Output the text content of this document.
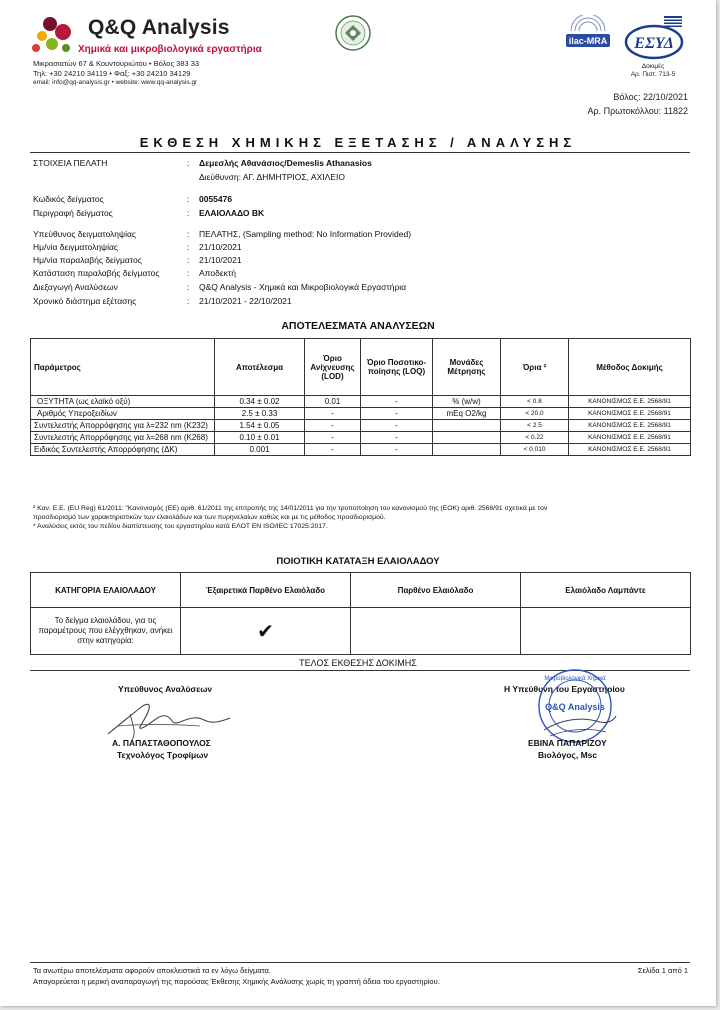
Q&Q Analysis
Χημικά και μικροβιολογικά εργαστήρια
Μικρασιατών 67 & Κουντουριώτου • Βόλος 383 33
Τηλ: +30 24210 34119 • Φαξ: +30 24210 34129
email: info@qq-analysis.gr • website: www.qq-analysis.gr
ilac-MRA ΕΣΥΔ
Δοκιμές
Αρ. Πιστ. 713-5
Βόλος: 22/10/2021
Αρ. Πρωτοκόλλου: 11822
ΕΚΘΕΣΗ ΧΗΜΙΚΗΣ ΕΞΕΤΑΣΗΣ / ΑΝΑΛΥΣΗΣ
ΣΤΟΙΧΕΙΑ ΠΕΛΑΤΗ	: Δεμεσλής Αθανάσιος/Demeslis Athanasios
Διεύθυνση: ΑΓ. ΔΗΜΗΤΡΙΟΣ, ΑΧΙΛΕΙΟ
Κωδικός δείγματος	: 0055476
Περιγραφή δείγματος	: ΕΛΑΙΟΛΑΔΟ ΒΚ
Υπεύθυνος δειγματοληψίας	: ΠΕΛΑΤΗΣ, (Sampling method: No Information Provided)
Ημ/νία δειγματοληψίας	: 21/10/2021
Ημ/νία παραλαβής δείγματος	: 21/10/2021
Κατάσταση παραλαβής δείγματος	: Αποδεκτή
Διεξαγωγή Αναλύσεων	: Q&Q Analysis - Χημικά και Μικροβιολογικά Εργαστήρια
Χρονικό διάστημα εξέτασης	: 21/10/2021 - 22/10/2021
ΑΠΟΤΕΛΕΣΜΑΤΑ ΑΝΑΛΥΣΕΩΝ
Παράμετρος	Αποτέλεσμα	Όριο Ανίχνευσης (LOD)	Όριο Ποσοτικο-ποίησης (LOQ)	Μονάδες Μέτρησης	Όρια ²	Μέθοδος Δοκιμής
ΟΞΥΤΗΤΑ (ως ελαϊκό οξύ)	0.34 ± 0.02	0.01	-	% (w/w)	< 0.8	ΚΑΝΟΝΙΣΜΟΣ Ε.Ε. 2568/91
Αριθμός Υπεροξειδίων	2.5 ± 0.33	-	-	mEq O2/kg	< 20.0	ΚΑΝΟΝΙΣΜΟΣ Ε.Ε. 2568/91
Συντελεστής Απορρόφησης για λ=232 nm (K232)	1.54 ± 0.05	-	-		< 2.5	ΚΑΝΟΝΙΣΜΟΣ Ε.Ε. 2568/91
Συντελεστής Απορρόφησης για λ=268 nm (K268)	0.10 ± 0.01	-	-		< 0.22	ΚΑΝΟΝΙΣΜΟΣ Ε.Ε. 2568/91
Ειδικός Συντελεστής Απορρόφησης (ΔΚ)	0.001	-	-		< 0.010	ΚΑΝΟΝΙΣΜΟΣ Ε.Ε. 2568/91
² Καν. Ε.Ε. (EU Reg) 61/2011: "Κανονισμός (ΕΕ) αριθ. 61/2011 της επιτροπής της 14/01/2011 για την τροποποίηση του κανονισμού της (ΕΟΚ) αριθ. 2568/91 σχετικά με τον
προσδιορισμό των χαρακτηριστικών των ελαιολάδων και των πυρηνελαίων καθώς και με τις μέθοδος προσδιορισμού.
* Αναλύσεις εκτός του πεδίου διαπίστευσης του εργαστηρίου κατά ΕΛΟΤ EN ISO/IEC 17025:2017.
ΠΟΙΟΤΙΚΗ ΚΑΤΑΤΑΞΗ ΕΛΑΙΟΛΑΔΟΥ
ΚΑΤΗΓΟΡΙΑ ΕΛΑΙΟΛΑΔΟΥ	Έξαιρετικά Παρθένο Ελαιόλαδο	Παρθένο Ελαιόλαδο	Ελαιόλαδο Λαμπάντε
Το δείγμα ελαιολάδου, για τις παραμέτρους που ελέγχθηκαν, ανήκει στην κατηγορία:	✔		
ΤΕΛΟΣ ΕΚΘΕΣΗΣ ΔΟΚΙΜΗΣ
Υπεύθυνος Αναλύσεων
Α. ΠΑΠΑΣΤΑΘΟΠΟΥΛΟΣ
Τεχνολόγος Τροφίμων
Η Υπεύθυνη του Εργαστηρίου
Μικροβιολογικά Χημικά
Q&Q Analysis
ΕΒΙΝΑ ΠΑΠΑΡΙΖΟΥ
Βιολόγος, Msc
Τα ανωτέρω αποτελέσματα αφορούν αποκλειστικά τα εν λόγω δείγματα.
Απαγορεύεται η μερική αναπαραγωγή της παρούσας Έκθεσης Χημικής Ανάλυσης χωρίς τη γραπτή άδεια του εργαστηρίου.
Σελίδα 1 από 1
